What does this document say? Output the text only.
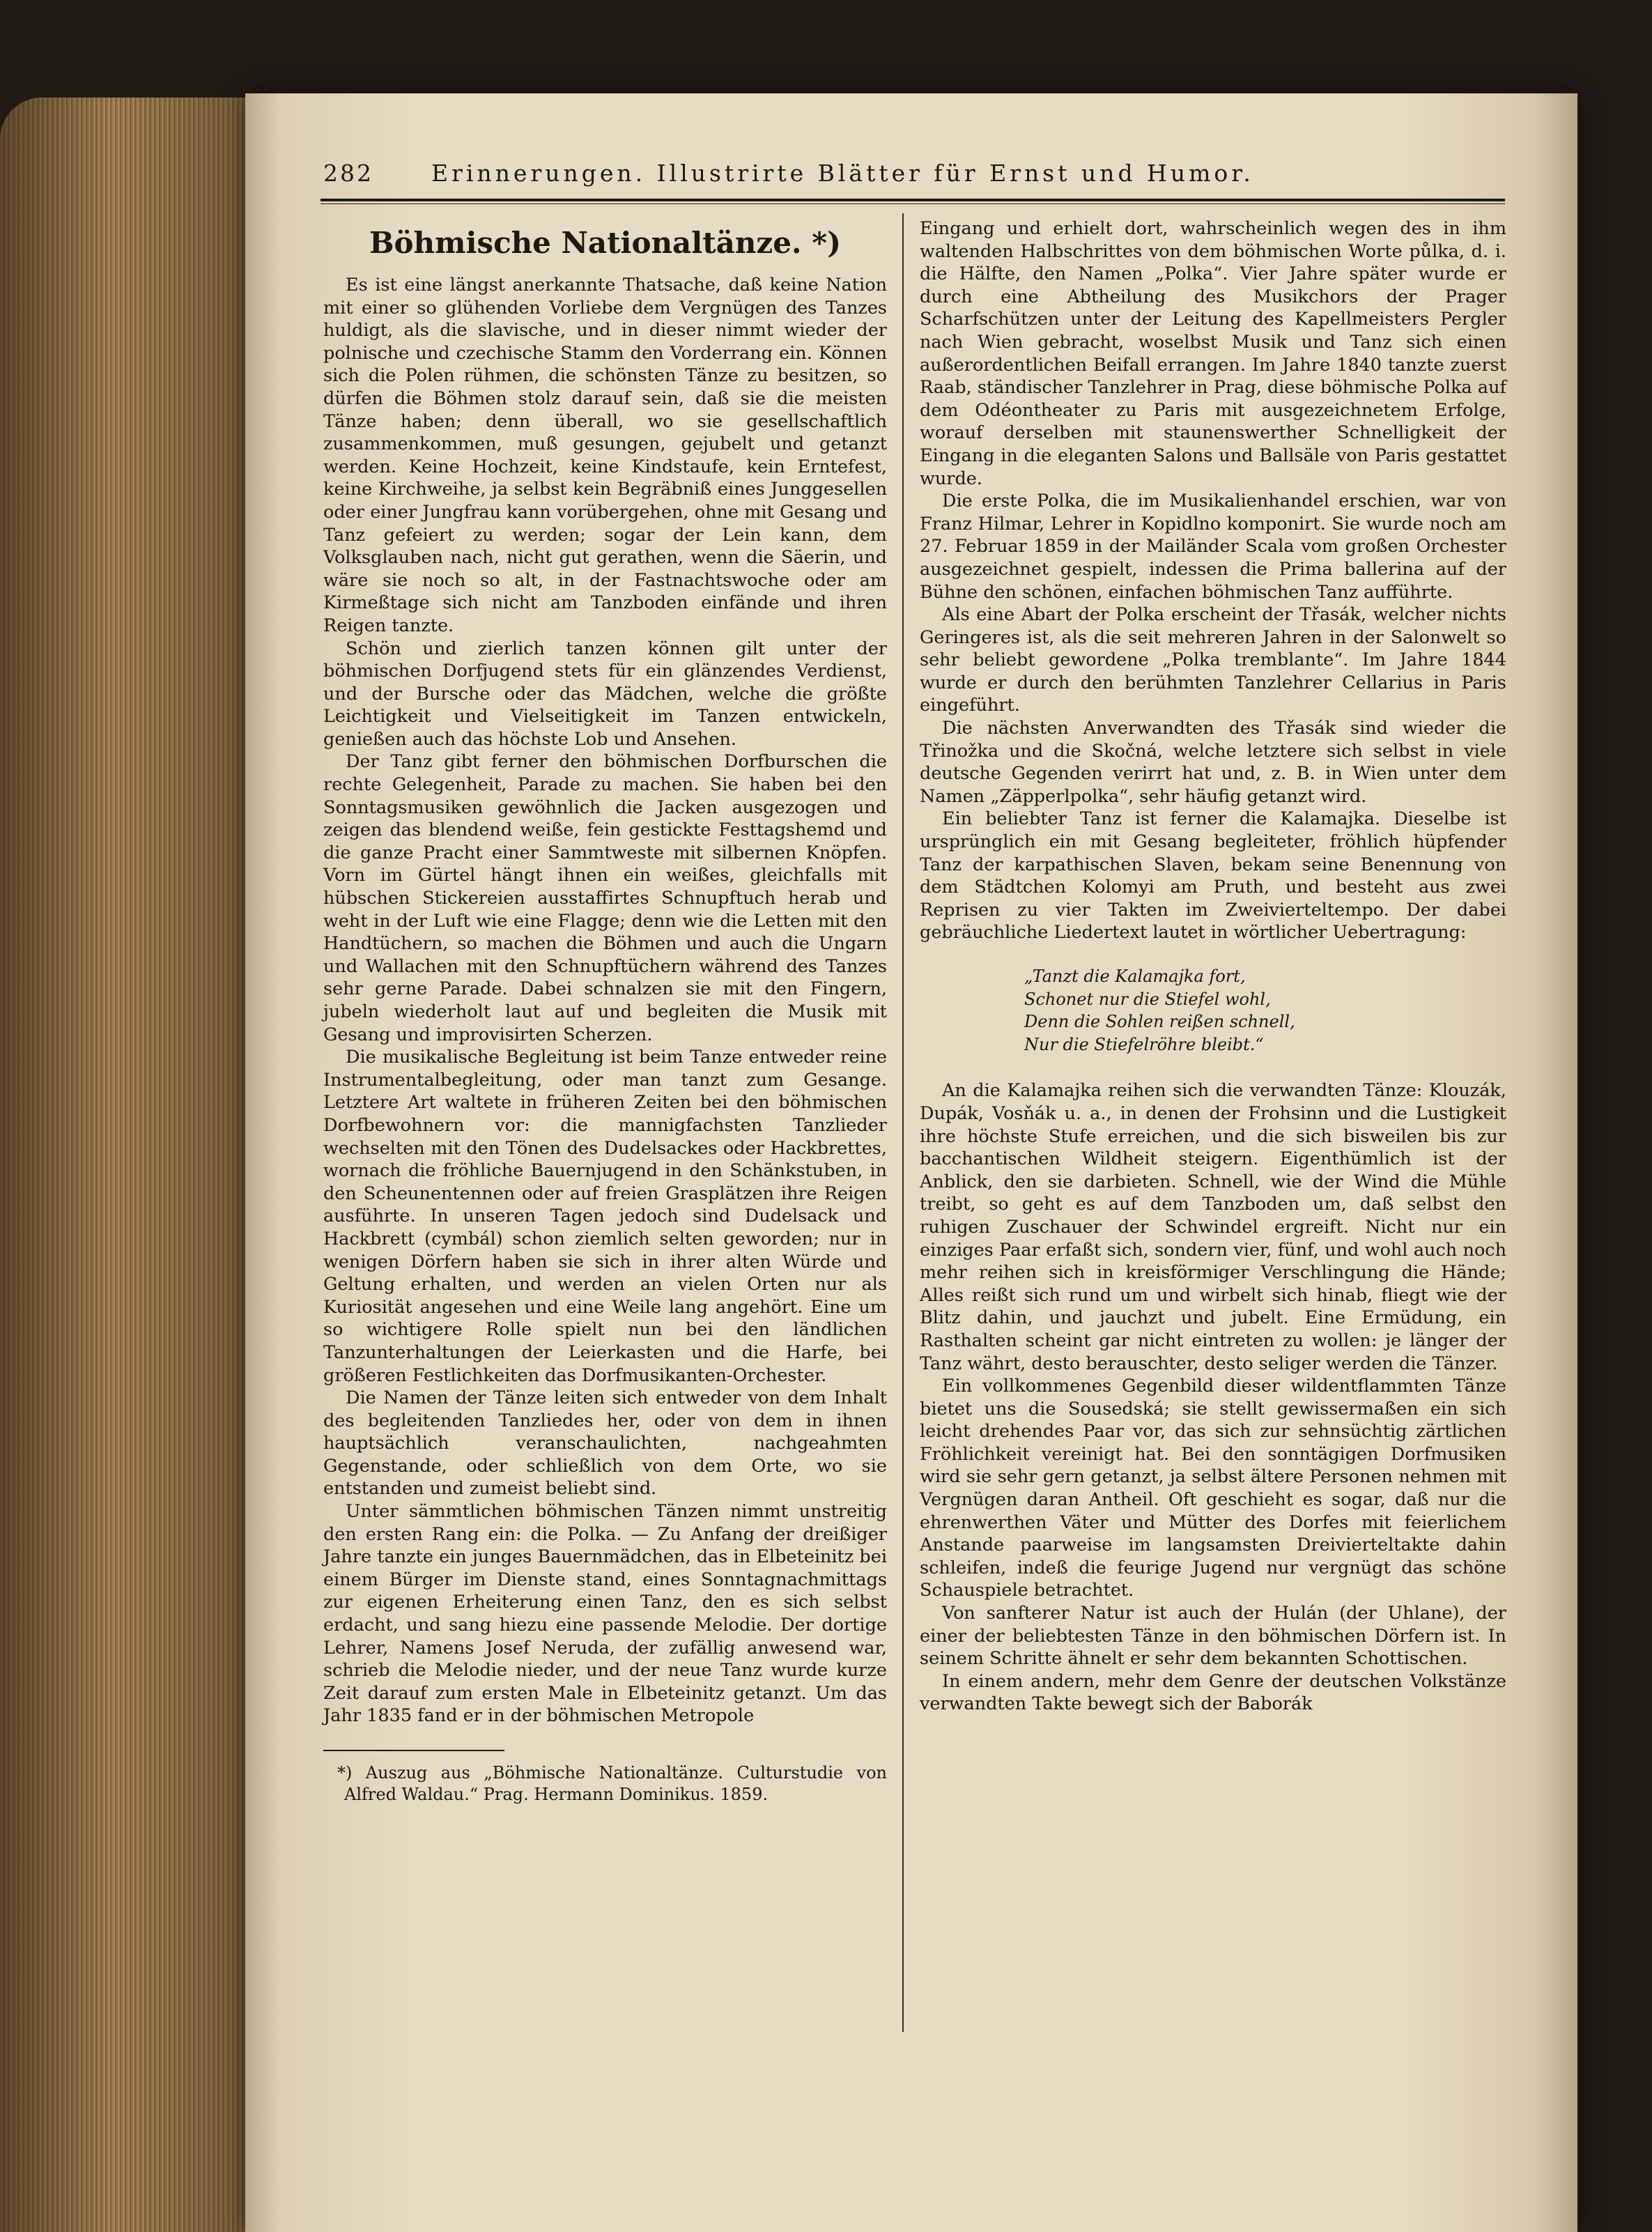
282	Erinnerungen. Illustrirte Blätter für Ernst und Humor.
Böhmische Nationaltänze. *)

Es ist eine längst anerkannte Thatsache, daß keine Nation mit einer so glühenden Vorliebe dem Vergnügen des Tanzes huldigt, als die slavische, und in dieser nimmt wieder der polnische und czechische Stamm den Vorderrang ein. Können sich die Polen rühmen, die schönsten Tänze zu besitzen, so dürfen die Böhmen stolz darauf sein, daß sie die meisten Tänze haben; denn überall, wo sie gesellschaftlich zusammenkommen, muß gesungen, gejubelt und getanzt werden. Keine Hochzeit, keine Kindstaufe, kein Erntefest, keine Kirchweihe, ja selbst kein Begräbniß eines Junggesellen oder einer Jungfrau kann vorübergehen, ohne mit Gesang und Tanz gefeiert zu werden; sogar der Lein kann, dem Volksglauben nach, nicht gut gerathen, wenn die Säerin, und wäre sie noch so alt, in der Fastnachtswoche oder am Kirmeßtage sich nicht am Tanzboden einfände und ihren Reigen tanzte.

Schön und zierlich tanzen können gilt unter der böhmischen Dorfjugend stets für ein glänzendes Verdienst, und der Bursche oder das Mädchen, welche die größte Leichtigkeit und Vielseitigkeit im Tanzen entwickeln, genießen auch das höchste Lob und Ansehen.

Der Tanz gibt ferner den böhmischen Dorfburschen die rechte Gelegenheit, Parade zu machen. Sie haben bei den Sonntagsmusiken gewöhnlich die Jacken ausgezogen und zeigen das blendend weiße, fein gestickte Festtagshemd und die ganze Pracht einer Sammtweste mit silbernen Knöpfen. Vorn im Gürtel hängt ihnen ein weißes, gleichfalls mit hübschen Stickereien ausstaffirtes Schnupftuch herab und weht in der Luft wie eine Flagge; denn wie die Letten mit den Handtüchern, so machen die Böhmen und auch die Ungarn und Wallachen mit den Schnupftüchern während des Tanzes sehr gerne Parade. Dabei schnalzen sie mit den Fingern, jubeln wiederholt laut auf und begleiten die Musik mit Gesang und improvisirten Scherzen.

Die musikalische Begleitung ist beim Tanze entweder reine Instrumentalbegleitung, oder man tanzt zum Gesange. Letztere Art waltete in früheren Zeiten bei den böhmischen Dorfbewohnern vor: die mannigfachsten Tanzlieder wechselten mit den Tönen des Dudelsackes oder Hackbrettes, wornach die fröhliche Bauernjugend in den Schänkstuben, in den Scheunentennen oder auf freien Grasplätzen ihre Reigen ausführte. In unseren Tagen jedoch sind Dudelsack und Hackbrett (cymbál) schon ziemlich selten geworden; nur in wenigen Dörfern haben sie sich in ihrer alten Würde und Geltung erhalten, und werden an vielen Orten nur als Kuriosität angesehen und eine Weile lang angehört. Eine um so wichtigere Rolle spielt nun bei den ländlichen Tanzunterhaltungen der Leierkasten und die Harfe, bei größeren Festlichkeiten das Dorfmusikanten-Orchester.

Die Namen der Tänze leiten sich entweder von dem Inhalt des begleitenden Tanzliedes her, oder von dem in ihnen hauptsächlich veranschaulichten, nachgeahmten Gegenstande, oder schließlich von dem Orte, wo sie entstanden und zumeist beliebt sind.

Unter sämmtlichen böhmischen Tänzen nimmt unstreitig den ersten Rang ein: die Polka. — Zu Anfang der dreißiger Jahre tanzte ein junges Bauernmädchen, das in Elbeteinitz bei einem Bürger im Dienste stand, eines Sonntagnachmittags zur eigenen Erheiterung einen Tanz, den es sich selbst erdacht, und sang hiezu eine passende Melodie. Der dortige Lehrer, Namens Josef Neruda, der zufällig anwesend war, schrieb die Melodie nieder, und der neue Tanz wurde kurze Zeit darauf zum ersten Male in Elbeteinitz getanzt. Um das Jahr 1835 fand er in der böhmischen Metropole

*) Auszug aus „Böhmische Nationaltänze. Culturstudie von Alfred Waldau.“ Prag. Hermann Dominikus. 1859.

Eingang und erhielt dort, wahrscheinlich wegen des in ihm waltenden Halbschrittes von dem böhmischen Worte půlka, d. i. die Hälfte, den Namen „Polka“. Vier Jahre später wurde er durch eine Abtheilung des Musikchors der Prager Scharfschützen unter der Leitung des Kapellmeisters Pergler nach Wien gebracht, woselbst Musik und Tanz sich einen außerordentlichen Beifall errangen. Im Jahre 1840 tanzte zuerst Raab, ständischer Tanzlehrer in Prag, diese böhmische Polka auf dem Odéontheater zu Paris mit ausgezeichnetem Erfolge, worauf derselben mit staunenswerther Schnelligkeit der Eingang in die eleganten Salons und Ballsäle von Paris gestattet wurde.

Die erste Polka, die im Musikalienhandel erschien, war von Franz Hilmar, Lehrer in Kopidlno komponirt. Sie wurde noch am 27. Februar 1859 in der Mailänder Scala vom großen Orchester ausgezeichnet gespielt, indessen die Prima ballerina auf der Bühne den schönen, einfachen böhmischen Tanz aufführte.

Als eine Abart der Polka erscheint der Třasák, welcher nichts Geringeres ist, als die seit mehreren Jahren in der Salonwelt so sehr beliebt gewordene „Polka tremblante“. Im Jahre 1844 wurde er durch den berühmten Tanzlehrer Cellarius in Paris eingeführt.

Die nächsten Anverwandten des Třasák sind wieder die Třinožka und die Skočná, welche letztere sich selbst in viele deutsche Gegenden verirrt hat und, z. B. in Wien unter dem Namen „Zäpperlpolka“, sehr häufig getanzt wird.

Ein beliebter Tanz ist ferner die Kalamajka. Dieselbe ist ursprünglich ein mit Gesang begleiteter, fröhlich hüpfender Tanz der karpathischen Slaven, bekam seine Benennung von dem Städtchen Kolomyi am Pruth, und besteht aus zwei Reprisen zu vier Takten im Zweivierteltempo. Der dabei gebräuchliche Liedertext lautet in wörtlicher Uebertragung:

„Tanzt die Kalamajka fort,
Schonet nur die Stiefel wohl,
Denn die Sohlen reißen schnell,
Nur die Stiefelröhre bleibt.“

An die Kalamajka reihen sich die verwandten Tänze: Klouzák, Dupák, Vosňák u. a., in denen der Frohsinn und die Lustigkeit ihre höchste Stufe erreichen, und die sich bisweilen bis zur bacchantischen Wildheit steigern. Eigenthümlich ist der Anblick, den sie darbieten. Schnell, wie der Wind die Mühle treibt, so geht es auf dem Tanzboden um, daß selbst den ruhigen Zuschauer der Schwindel ergreift. Nicht nur ein einziges Paar erfaßt sich, sondern vier, fünf, und wohl auch noch mehr reihen sich in kreisförmiger Verschlingung die Hände; Alles reißt sich rund um und wirbelt sich hinab, fliegt wie der Blitz dahin, und jauchzt und jubelt. Eine Ermüdung, ein Rasthalten scheint gar nicht eintreten zu wollen: je länger der Tanz währt, desto berauschter, desto seliger werden die Tänzer.

Ein vollkommenes Gegenbild dieser wildentflammten Tänze bietet uns die Sousedská; sie stellt gewissermaßen ein sich leicht drehendes Paar vor, das sich zur sehnsüchtig zärtlichen Fröhlichkeit vereinigt hat. Bei den sonntägigen Dorfmusiken wird sie sehr gern getanzt, ja selbst ältere Personen nehmen mit Vergnügen daran Antheil. Oft geschieht es sogar, daß nur die ehrenwerthen Väter und Mütter des Dorfes mit feierlichem Anstande paarweise im langsamsten Dreivierteltakte dahin schleifen, indeß die feurige Jugend nur vergnügt das schöne Schauspiele betrachtet.

Von sanfterer Natur ist auch der Hulán (der Uhlane), der einer der beliebtesten Tänze in den böhmischen Dörfern ist. In seinem Schritte ähnelt er sehr dem bekannten Schottischen.

In einem andern, mehr dem Genre der deutschen Volkstänze verwandten Takte bewegt sich der Baborák
